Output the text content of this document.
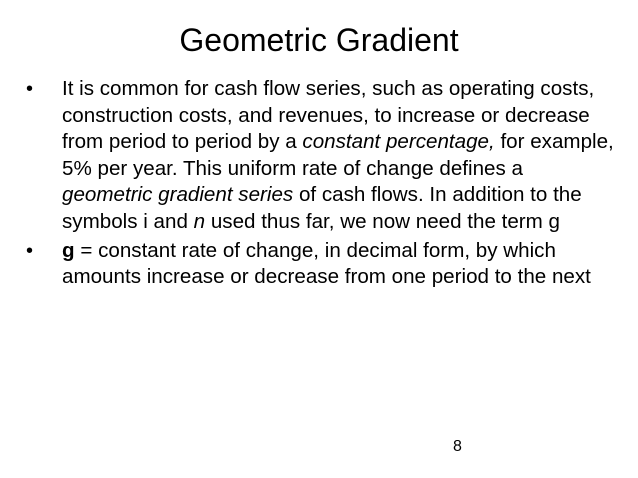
Geometric Gradient
• It is common for cash flow series, such as operating costs, construction costs, and revenues, to increase or decrease from period to period by a constant percentage, for example, 5% per year. This uniform rate of change defines a geometric gradient series of cash flows. In addition to the symbols i and n used thus far, we now need the term g
• g = constant rate of change, in decimal form, by which amounts increase or decrease from one period to the next
8
